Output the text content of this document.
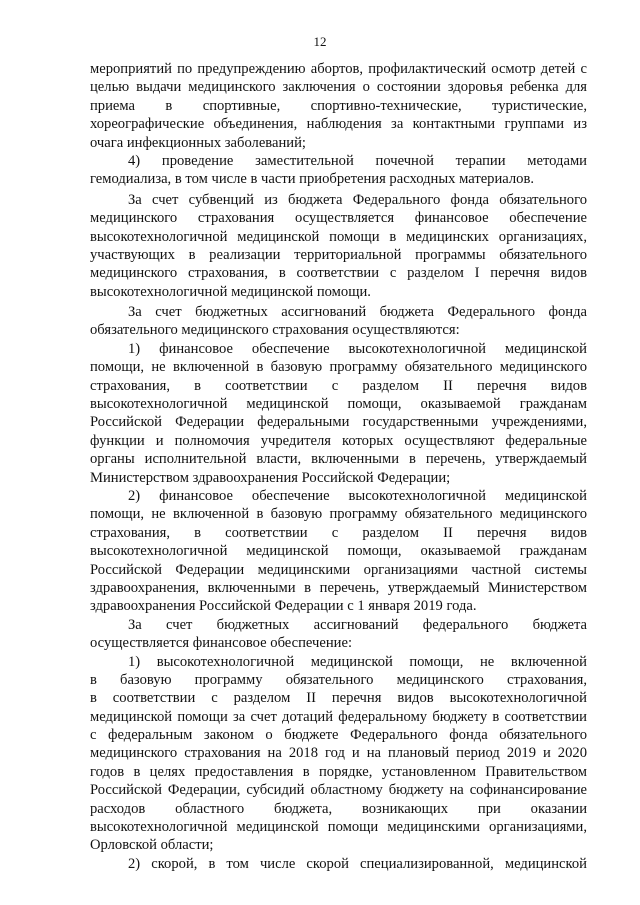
12
мероприятий по предупреждению абортов, профилактический осмотр детей с
целью выдачи медицинского заключения о состоянии здоровья ребенка для
приема в спортивные, спортивно-технические, туристические,
хореографические объединения, наблюдения за контактными группами из
очага инфекционных заболеваний;
4) проведение заместительной почечной терапии методами
гемодиализа, в том числе в части приобретения расходных материалов.
За счет субвенций из бюджета Федерального фонда обязательного
медицинского страхования осуществляется финансовое обеспечение
высокотехнологичной медицинской помощи в медицинских организациях,
участвующих в реализации территориальной программы обязательного
медицинского страхования, в соответствии с разделом I перечня видов
высокотехнологичной медицинской помощи.
За счет бюджетных ассигнований бюджета Федерального фонда
обязательного медицинского страхования осуществляются:
1) финансовое обеспечение высокотехнологичной медицинской
помощи, не включенной в базовую программу обязательного медицинского
страхования, в соответствии с разделом II перечня видов
высокотехнологичной медицинской помощи, оказываемой гражданам
Российской Федерации федеральными государственными учреждениями,
функции и полномочия учредителя которых осуществляют федеральные
органы исполнительной власти, включенными в перечень, утверждаемый
Министерством здравоохранения Российской Федерации;
2) финансовое обеспечение высокотехнологичной медицинской
помощи, не включенной в базовую программу обязательного медицинского
страхования, в соответствии с разделом II перечня видов
высокотехнологичной медицинской помощи, оказываемой гражданам
Российской Федерации медицинскими организациями частной системы
здравоохранения, включенными в перечень, утверждаемый Министерством
здравоохранения Российской Федерации с 1 января 2019 года.
За счет бюджетных ассигнований федерального бюджета
осуществляется финансовое обеспечение:
1) высокотехнологичной медицинской помощи, не включенной
в базовую программу обязательного медицинского страхования,
в соответствии с разделом II перечня видов высокотехнологичной
медицинской помощи за счет дотаций федеральному бюджету в соответствии
с федеральным законом о бюджете Федерального фонда обязательного
медицинского страхования на 2018 год и на плановый период 2019 и 2020
годов в целях предоставления в порядке, установленном Правительством
Российской Федерации, субсидий областному бюджету на софинансирование
расходов областного бюджета, возникающих при оказании
высокотехнологичной медицинской помощи медицинскими организациями,
Орловской области;
2) скорой, в том числе скорой специализированной, медицинской
